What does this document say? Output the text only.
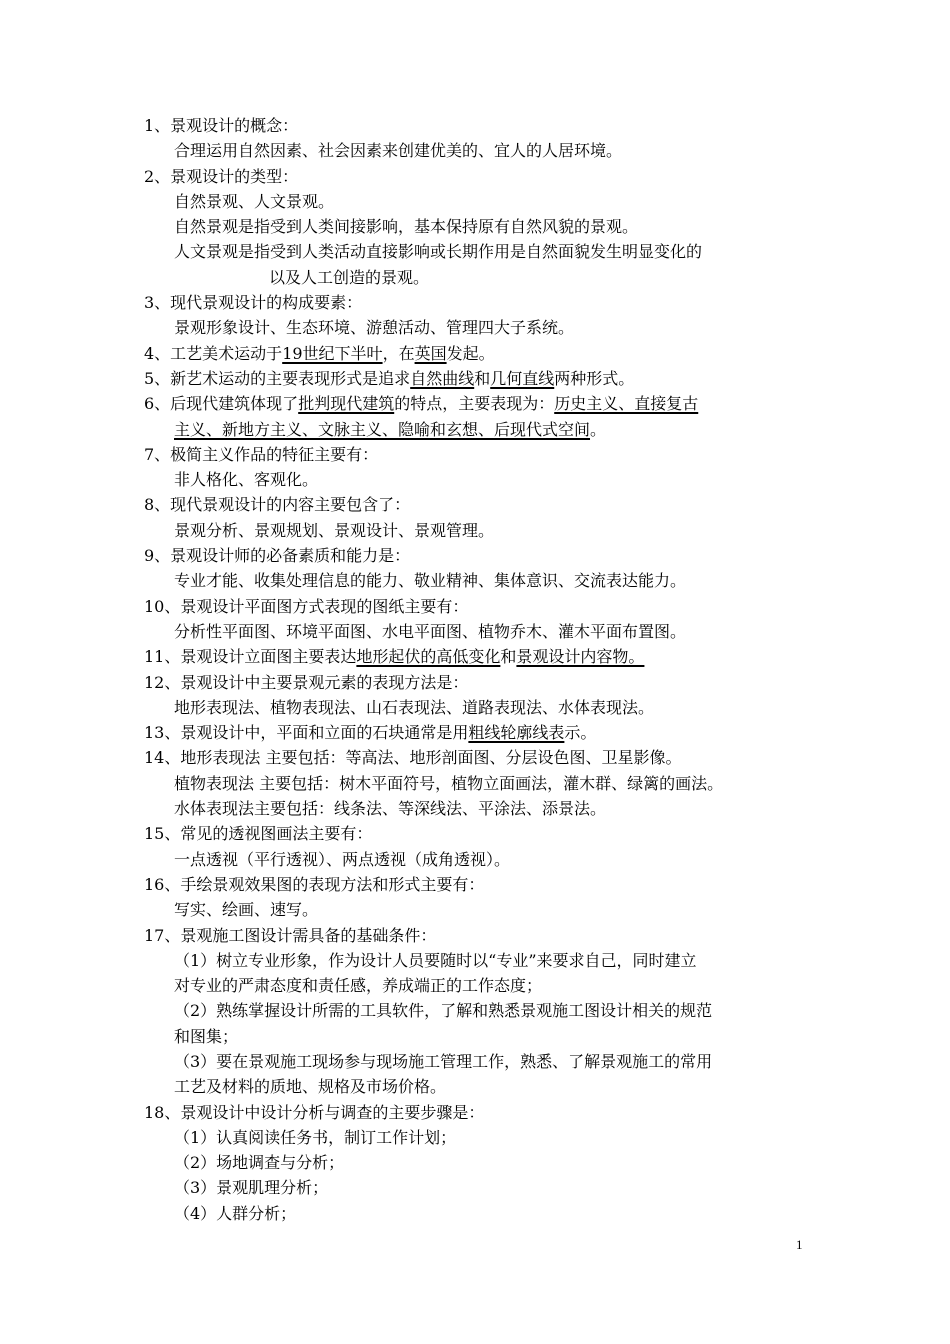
1、景观设计的概念：
合理运用自然因素、社会因素来创建优美的、宜人的人居环境。
2、景观设计的类型：
自然景观、人文景观。
自然景观是指受到人类间接影响，基本保持原有自然风貌的景观。
人文景观是指受到人类活动直接影响或长期作用是自然面貌发生明显变化的
以及人工创造的景观。
3、现代景观设计的构成要素：
景观形象设计、生态环境、游憩活动、管理四大子系统。
4、工艺美术运动于19世纪下半叶，在英国发起。
5、新艺术运动的主要表现形式是追求自然曲线和几何直线两种形式。
6、后现代建筑体现了批判现代建筑的特点，主要表现为：历史主义、直接复古
主义、新地方主义、文脉主义、隐喻和玄想、后现代式空间。
7、极简主义作品的特征主要有：
非人格化、客观化。
8、现代景观设计的内容主要包含了：
景观分析、景观规划、景观设计、景观管理。
9、景观设计师的必备素质和能力是：
专业才能、收集处理信息的能力、敬业精神、集体意识、交流表达能力。
10、景观设计平面图方式表现的图纸主要有：
分析性平面图、环境平面图、水电平面图、植物乔木、灌木平面布置图。
11、景观设计立面图主要表达地形起伏的高低变化和景观设计内容物。
12、景观设计中主要景观元素的表现方法是：
地形表现法、植物表现法、山石表现法、道路表现法、水体表现法。
13、景观设计中，平面和立面的石块通常是用粗线轮廓线表示。
14、地形表现法 主要包括：等高法、地形剖面图、分层设色图、卫星影像。
植物表现法 主要包括：树木平面符号，植物立面画法，灌木群、绿篱的画法。
水体表现法主要包括：线条法、等深线法、平涂法、添景法。
15、常见的透视图画法主要有：
一点透视（平行透视）、两点透视（成角透视）。
16、手绘景观效果图的表现方法和形式主要有：
写实、绘画、速写。
17、景观施工图设计需具备的基础条件：
（1）树立专业形象，作为设计人员要随时以“专业”来要求自己，同时建立
对专业的严肃态度和责任感，养成端正的工作态度；
（2）熟练掌握设计所需的工具软件，了解和熟悉景观施工图设计相关的规范
和图集；
（3）要在景观施工现场参与现场施工管理工作，熟悉、了解景观施工的常用
工艺及材料的质地、规格及市场价格。
18、景观设计中设计分析与调查的主要步骤是：
（1）认真阅读任务书，制订工作计划；
（2）场地调查与分析；
（3）景观肌理分析；
（4）人群分析；
1
